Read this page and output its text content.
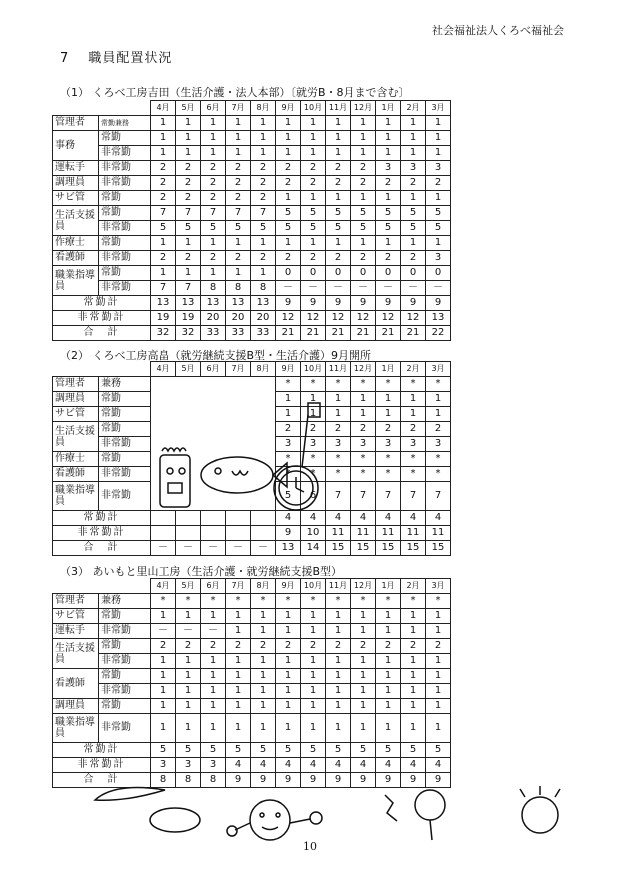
社会福祉法人くろべ福祉会
7　 職員配置状況
（1） くろべ工房吉田（生活介護・法人本部）〔就労B・8月まで含む〕
		4月	5月	6月	7月	8月	9月	10月	11月	12月	1月	2月	3月
管理者	常勤兼務	1	1	1	1	1	1	1	1	1	1	1	1
事務	常勤	1	1	1	1	1	1	1	1	1	1	1	1
	非常勤	1	1	1	1	1	1	1	1	1	1	1	1
運転手	非常勤	2	2	2	2	2	2	2	2	2	3	3	3
調理員	非常勤	2	2	2	2	2	2	2	2	2	2	2	2
サビ管	常勤	2	2	2	2	2	1	1	1	1	1	1	1
生活支援員	常勤	7	7	7	7	7	5	5	5	5	5	5	5
	非常勤	5	5	5	5	5	5	5	5	5	5	5	5
作療士	常勤	1	1	1	1	1	1	1	1	1	1	1	1
看護師	非常勤	2	2	2	2	2	2	2	2	2	2	2	3
職業指導員	常勤	1	1	1	1	1	0	0	0	0	0	0	0
	非常勤	7	7	8	8	8	－	－	－	－	－	－	－
常勤計		13	13	13	13	13	9	9	9	9	9	9	9
非常勤計		19	19	20	20	20	12	12	12	12	12	12	13
合　計		32	32	33	33	33	21	21	21	21	21	21	22
（2） くろべ工房高畠（就労継続支援B型・生活介護）9月開所
		4月	5月	6月	7月	8月	9月	10月	11月	12月	1月	2月	3月
管理者	兼務						*	*	*	*	*	*	*
調理員	常勤						1	1	1	1	1	1	1
サビ管	常勤						1	1	1	1	1	1	1
生活支援員	常勤						2	2	2	2	2	2	2
	非常勤						3	3	3	3	3	3	3
作療士	常勤						*	*	*	*	*	*	*
看護師	非常勤						*	*	*	*	*	*	*
職業指導員	非常勤						5	6	7	7	7	7	7
常勤計							4	4	4	4	4	4	4
非常勤計							9	10	11	11	11	11	11
合　計		－	－	－	－	－	13	14	15	15	15	15	15
（3） あいもと里山工房（生活介護・就労継続支援B型）
		4月	5月	6月	7月	8月	9月	10月	11月	12月	1月	2月	3月
管理者	兼務	*	*	*	*	*	*	*	*	*	*	*	*
サビ管	常勤	1	1	1	1	1	1	1	1	1	1	1	1
運転手	非常勤	－	－	－	1	1	1	1	1	1	1	1	1
生活支援員	常勤	2	2	2	2	2	2	2	2	2	2	2	2
	非常勤	1	1	1	1	1	1	1	1	1	1	1	1
看護師	常勤	1	1	1	1	1	1	1	1	1	1	1	1
	非常勤	1	1	1	1	1	1	1	1	1	1	1	1
調理員	常勤	1	1	1	1	1	1	1	1	1	1	1	1
職業指導員	非常勤	1	1	1	1	1	1	1	1	1	1	1	1
常勤計		5	5	5	5	5	5	5	5	5	5	5	5
非常勤計		3	3	3	4	4	4	4	4	4	4	4	4
合　計		8	8	8	9	9	9	9	9	9	9	9	9
10
